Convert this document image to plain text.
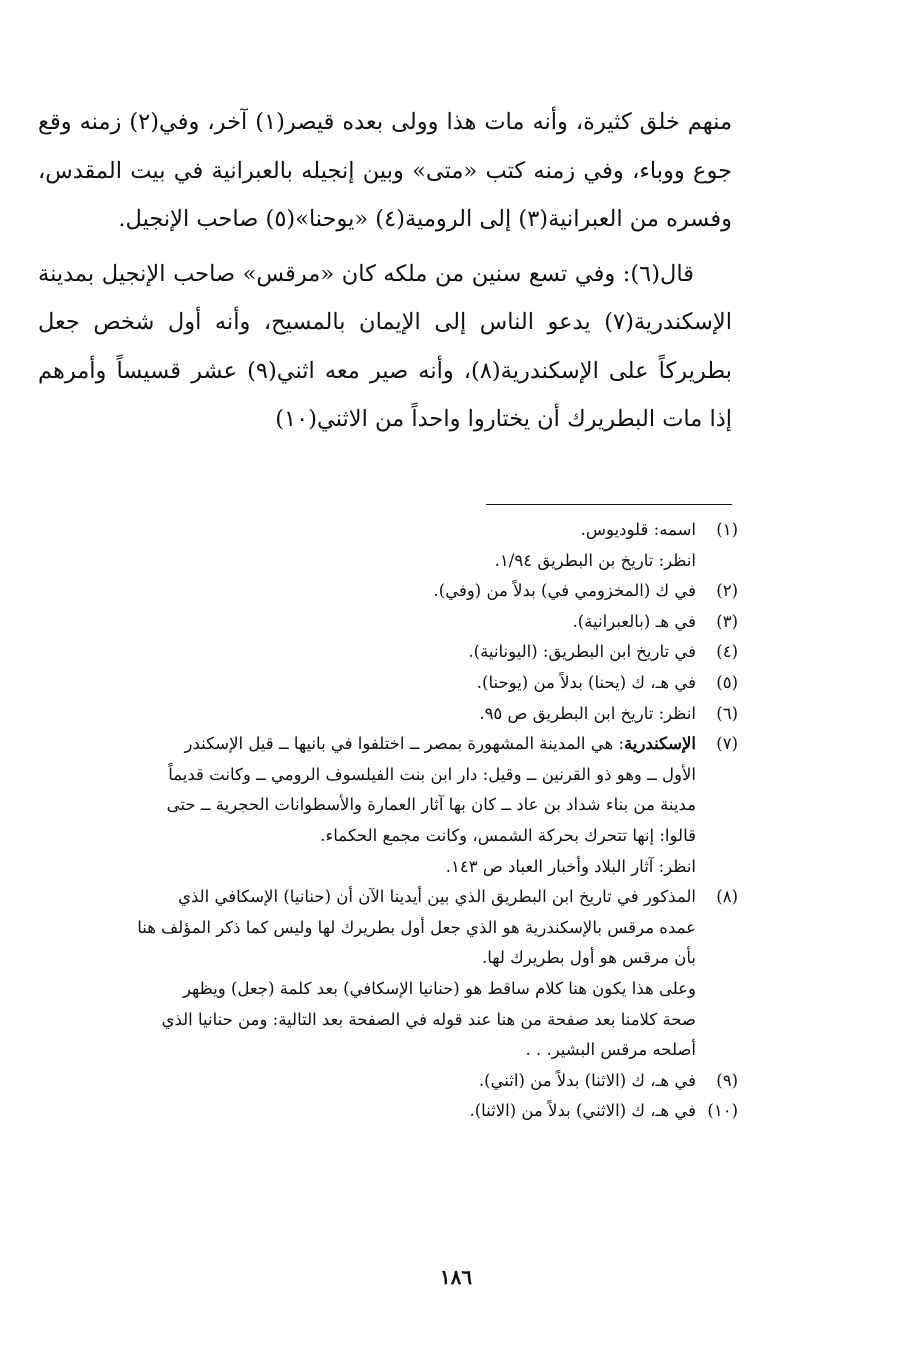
منهم خلق كثيرة، وأنه مات هذا وولى بعده قيصر(١) آخر، وفي(٢) زمنه وقع جوع ووباء، وفي زمنه كتب «متى» وبين إنجيله بالعبرانية في بيت المقدس، وفسره من العبرانية(٣) إلى الرومية(٤) «يوحنا»(٥) صاحب الإنجيل.

قال(٦): وفي تسع سنين من ملكه كان «مرقس» صاحب الإنجيل بمدينة الإسكندرية(٧) يدعو الناس إلى الإيمان بالمسيح، وأنه أول شخص جعل بطريركاً على الإسكندرية(٨)، وأنه صير معه اثني(٩) عشر قسيساً وأمرهم إذا مات البطريرك أن يختاروا واحداً من الاثني(١٠)

(١)
اسمه: قلوديوس.
انظر: تاريخ بن البطريق ١/٩٤.
(٢)
في ك (المخزومي في) بدلاً من (وفي).
(٣)
في هـ (بالعبرانية).
(٤)
في تاريخ ابن البطريق: (اليونانية).
(٥)
في هـ، ك (يحنا) بدلاً من (يوحنا).
(٦)
انظر: تاريخ ابن البطريق ص ٩٥.
(٧)
الإسكندرية: هي المدينة المشهورة بمصر ــ اختلفوا في بانيها ــ قيل الإسكندر
الأول ــ وهو ذو القرنين ــ وقيل: دار ابن بنت الفيلسوف الرومي ــ وكانت قديماً
مدينة من بناء شداد بن عاد ــ كان بها آثار العمارة والأسطوانات الحجرية ــ حتى
قالوا: إنها تتحرك بحركة الشمس، وكانت مجمع الحكماء.
انظر: آثار البلاد وأخبار العباد ص ١٤٣.
(٨)
المذكور في تاريخ ابن البطريق الذي بين أيدينا الآن أن (حنانيا) الإسكافي الذي
عمده مرقس بالإسكندرية هو الذي جعل أول بطريرك لها وليس كما ذكر المؤلف هنا
بأن مرقس هو أول بطريرك لها.
وعلى هذا يكون هنا كلام ساقط هو (حنانيا الإسكافي) بعد كلمة (جعل) ويظهر
صحة كلامنا بعد صفحة من هنا عند قوله في الصفحة بعد التالية: ومن حنانيا الذي
أصلحه مرقس البشير. . .
(٩)
في هـ، ك (الاثنا) بدلاً من (اثني).
(١٠)
في هـ، ك (الاثني) بدلاً من (الاثنا).
١٨٦
